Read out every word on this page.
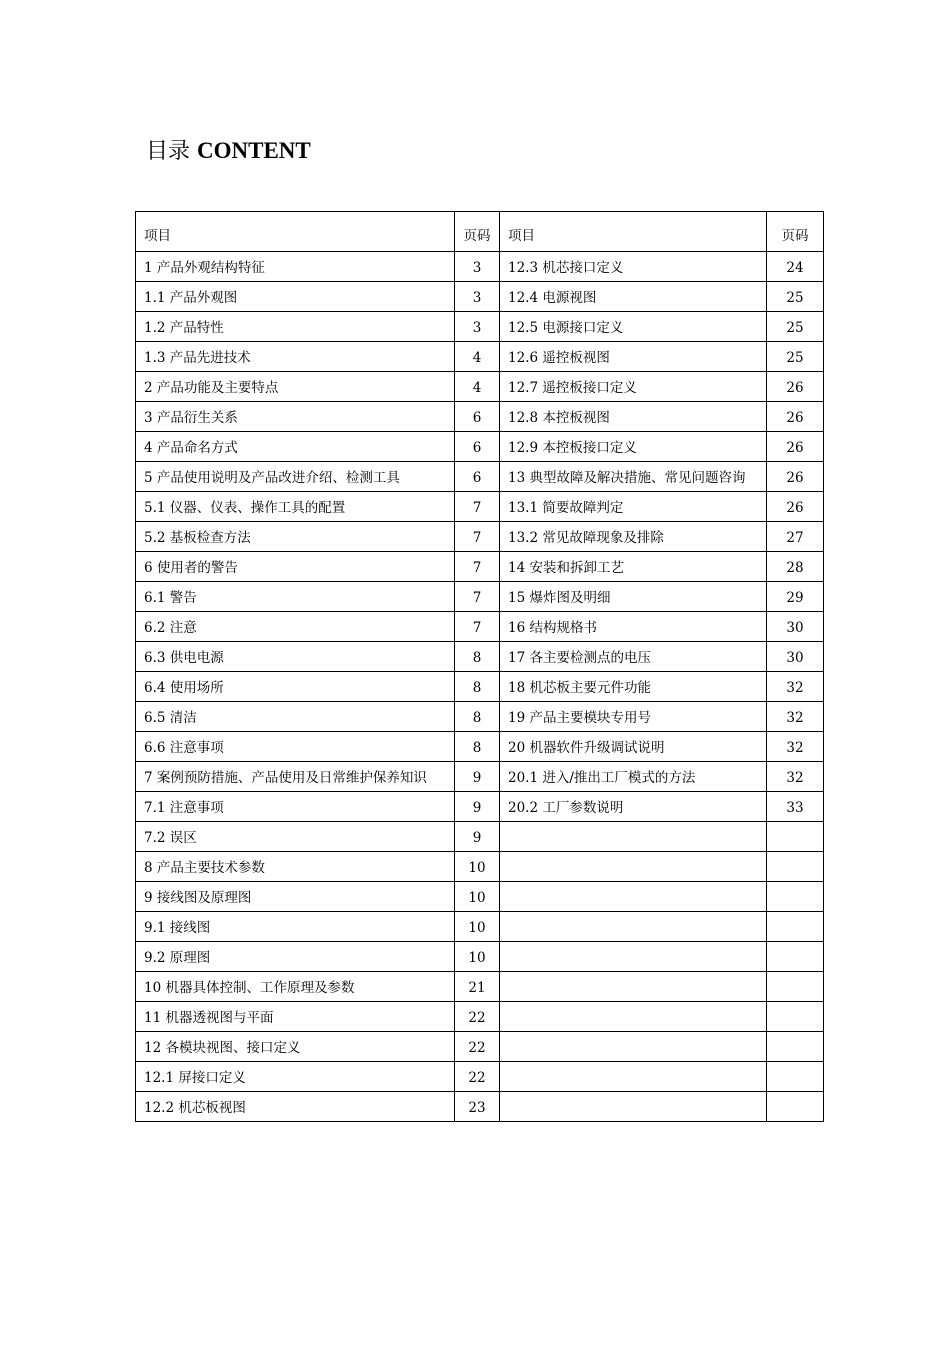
目录 CONTENT
项目	页码	项目	页码
1 产品外观结构特征	3	12.3 机芯接口定义	24
1.1 产品外观图	3	12.4 电源视图	25
1.2 产品特性	3	12.5 电源接口定义	25
1.3 产品先进技术	4	12.6 遥控板视图	25
2 产品功能及主要特点	4	12.7 遥控板接口定义	26
3 产品衍生关系	6	12.8 本控板视图	26
4 产品命名方式	6	12.9 本控板接口定义	26
5 产品使用说明及产品改进介绍、检测工具	6	13 典型故障及解决措施、常见问题咨询	26
5.1 仪器、仪表、操作工具的配置	7	13.1 简要故障判定	26
5.2 基板检查方法	7	13.2 常见故障现象及排除	27
6 使用者的警告	7	14 安装和拆卸工艺	28
6.1 警告	7	15 爆炸图及明细	29
6.2 注意	7	16 结构规格书	30
6.3 供电电源	8	17 各主要检测点的电压	30
6.4 使用场所	8	18 机芯板主要元件功能	32
6.5 清洁	8	19 产品主要模块专用号	32
6.6 注意事项	8	20 机器软件升级调试说明	32
7 案例预防措施、产品使用及日常维护保养知识	9	20.1 进入/推出工厂模式的方法	32
7.1 注意事项	9	20.2 工厂参数说明	33
7.2 误区	9		
8 产品主要技术参数	10		
9 接线图及原理图	10		
9.1 接线图	10		
9.2 原理图	10		
10 机器具体控制、工作原理及参数	21		
11 机器透视图与平面	22		
12 各模块视图、接口定义	22		
12.1 屏接口定义	22		
12.2 机芯板视图	23		
